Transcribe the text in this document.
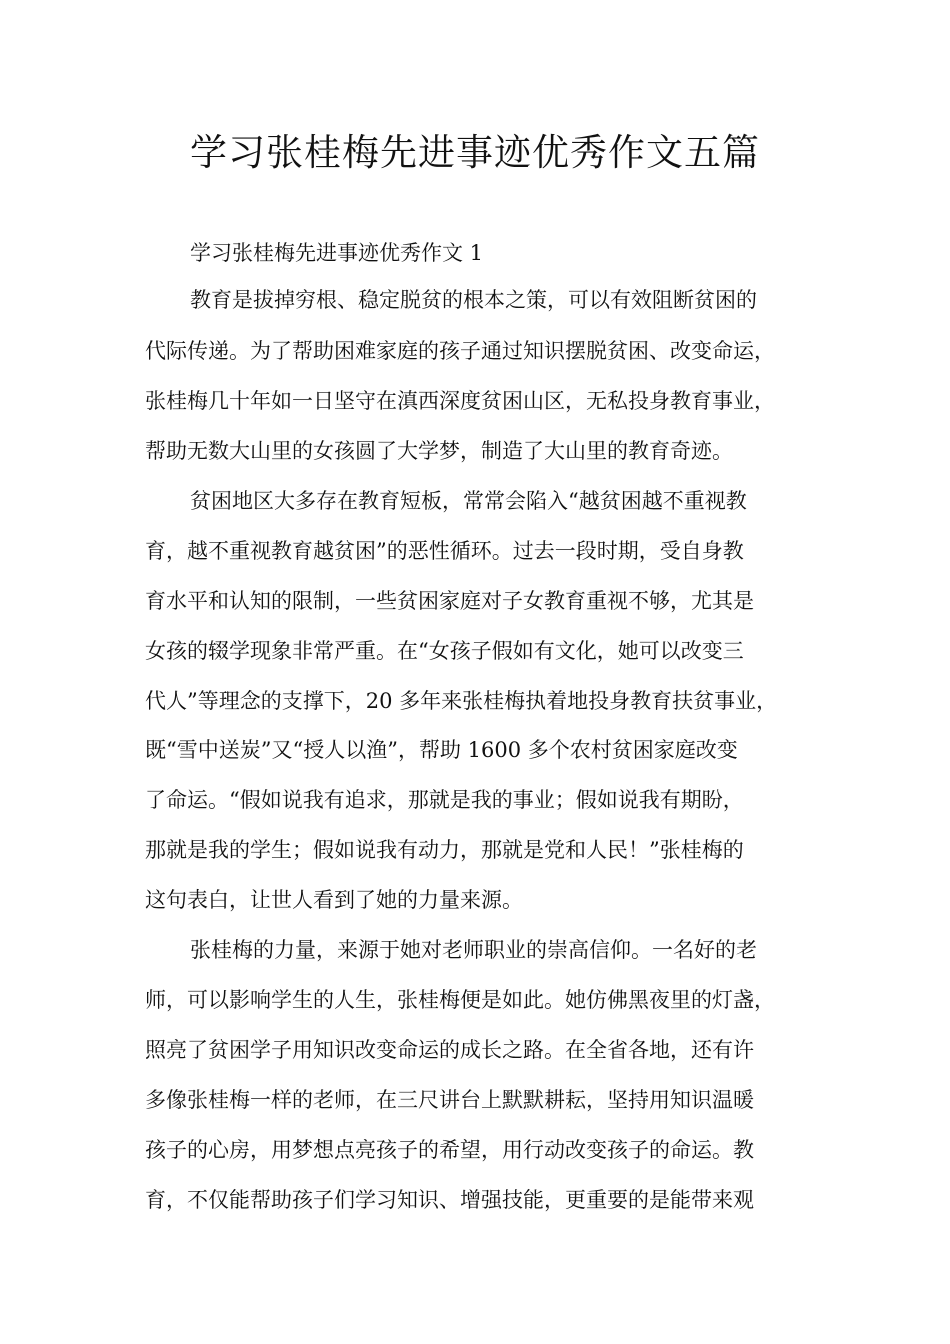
学习张桂梅先进事迹优秀作文五篇

学习张桂梅先进事迹优秀作文 1

教育是拔掉穷根、稳定脱贫的根本之策，可以有效阻断贫困的

代际传递。为了帮助困难家庭的孩子通过知识摆脱贫困、改变命运，

张桂梅几十年如一日坚守在滇西深度贫困山区，无私投身教育事业，

帮助无数大山里的女孩圆了大学梦，制造了大山里的教育奇迹。

贫困地区大多存在教育短板，常常会陷入“越贫困越不重视教

育，越不重视教育越贫困”的恶性循环。过去一段时期，受自身教

育水平和认知的限制，一些贫困家庭对子女教育重视不够，尤其是

女孩的辍学现象非常严重。在“女孩子假如有文化，她可以改变三

代人”等理念的支撑下，20 多年来张桂梅执着地投身教育扶贫事业，

既“雪中送炭”又“授人以渔”，帮助 1600 多个农村贫困家庭改变

了命运。“假如说我有追求，那就是我的事业；假如说我有期盼，

那就是我的学生；假如说我有动力，那就是党和人民！”张桂梅的

这句表白，让世人看到了她的力量来源。

张桂梅的力量，来源于她对老师职业的崇高信仰。一名好的老

师，可以影响学生的人生，张桂梅便是如此。她仿佛黑夜里的灯盏，

照亮了贫困学子用知识改变命运的成长之路。在全省各地，还有许

多像张桂梅一样的老师，在三尺讲台上默默耕耘，坚持用知识温暖

孩子的心房，用梦想点亮孩子的希望，用行动改变孩子的命运。教

育，不仅能帮助孩子们学习知识、增强技能，更重要的是能带来观
